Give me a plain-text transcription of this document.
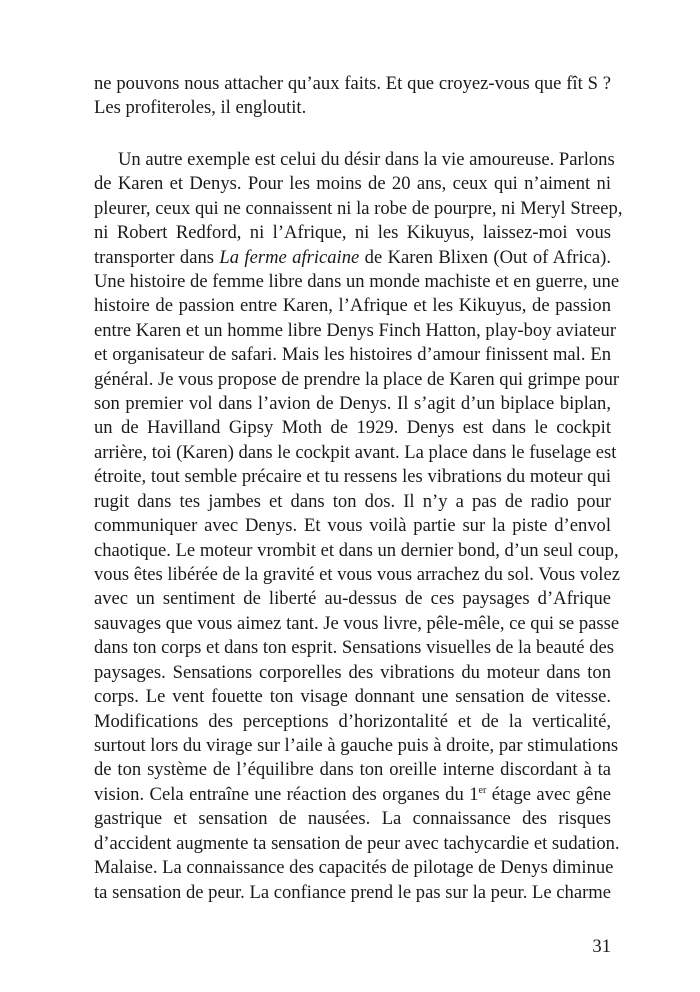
ne pouvons nous attacher qu’aux faits. Et que croyez-vous que fît S ?
Les profiteroles, il engloutit.
Un autre exemple est celui du désir dans la vie amoureuse. Parlons
de Karen et Denys. Pour les moins de 20 ans, ceux qui n’aiment ni
pleurer, ceux qui ne connaissent ni la robe de pourpre, ni Meryl Streep,
ni Robert Redford, ni l’Afrique, ni les Kikuyus, laissez-moi vous
transporter dans La ferme africaine de Karen Blixen (Out of Africa).
Une histoire de femme libre dans un monde machiste et en guerre, une
histoire de passion entre Karen, l’Afrique et les Kikuyus, de passion
entre Karen et un homme libre Denys Finch Hatton, play-boy aviateur
et organisateur de safari. Mais les histoires d’amour finissent mal. En
général. Je vous propose de prendre la place de Karen qui grimpe pour
son premier vol dans l’avion de Denys. Il s’agit d’un biplace biplan,
un de Havilland Gipsy Moth de 1929. Denys est dans le cockpit
arrière, toi (Karen) dans le cockpit avant. La place dans le fuselage est
étroite, tout semble précaire et tu ressens les vibrations du moteur qui
rugit dans tes jambes et dans ton dos. Il n’y a pas de radio pour
communiquer avec Denys. Et vous voilà partie sur la piste d’envol
chaotique. Le moteur vrombit et dans un dernier bond, d’un seul coup,
vous êtes libérée de la gravité et vous vous arrachez du sol. Vous volez
avec un sentiment de liberté au-dessus de ces paysages d’Afrique
sauvages que vous aimez tant. Je vous livre, pêle-mêle, ce qui se passe
dans ton corps et dans ton esprit. Sensations visuelles de la beauté des
paysages. Sensations corporelles des vibrations du moteur dans ton
corps. Le vent fouette ton visage donnant une sensation de vitesse.
Modifications des perceptions d’horizontalité et de la verticalité,
surtout lors du virage sur l’aile à gauche puis à droite, par stimulations
de ton système de l’équilibre dans ton oreille interne discordant à ta
vision. Cela entraîne une réaction des organes du 1er étage avec gêne
gastrique et sensation de nausées. La connaissance des risques
d’accident augmente ta sensation de peur avec tachycardie et sudation.
Malaise. La connaissance des capacités de pilotage de Denys diminue
ta sensation de peur. La confiance prend le pas sur la peur. Le charme
31
